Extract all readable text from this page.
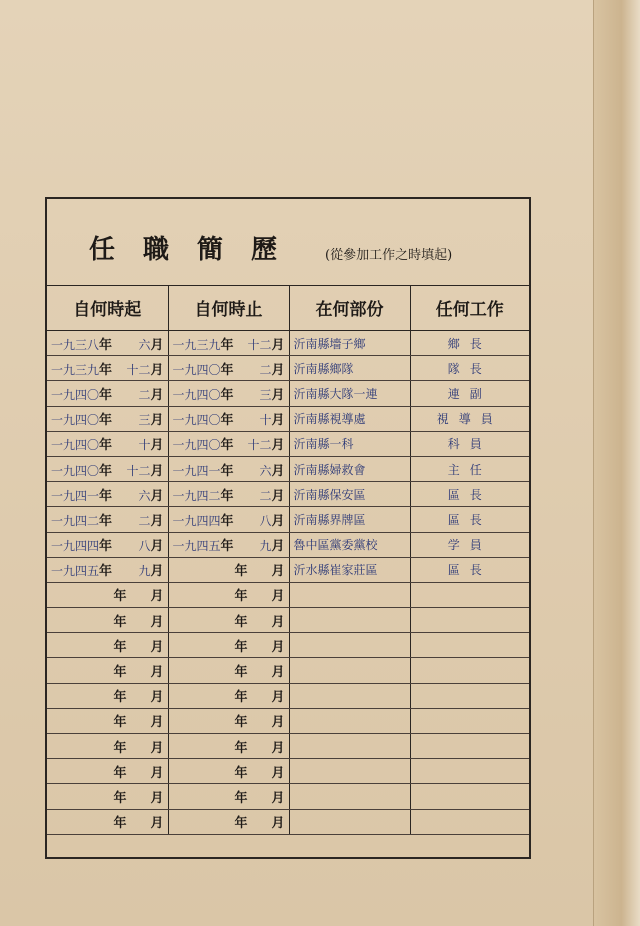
任職簡歷 (從參加工作之時填起)
自何時起	自何時止	在何部份	任何工作

一九三八年 六月	一九三九年 十二月	沂南縣墻子鄉	鄉長

一九三九年 十二月	一九四〇年 二月	沂南縣鄉隊	隊長

一九四〇年 二月	一九四〇年 三月	沂南縣大隊一連	連副

一九四〇年 三月	一九四〇年 十月	沂南縣視導處	視導員

一九四〇年 十月	一九四〇年 十二月	沂南縣一科	科員

一九四〇年 十二月	一九四一年 六月	沂南縣婦救會	主任

一九四一年 六月	一九四二年 二月	沂南縣保安區	區長

一九四二年 二月	一九四四年 八月	沂南縣界牌區	區長

一九四四年 八月	一九四五年 九月	魯中區黨委黨校	学員

一九四五年 九月	年 月	沂水縣崔家莊區	區長

年 月	年 月		

年 月	年 月		

年 月	年 月		

年 月	年 月		

年 月	年 月		

年 月	年 月		

年 月	年 月		

年 月	年 月		

年 月	年 月		

年 月	年 月		
